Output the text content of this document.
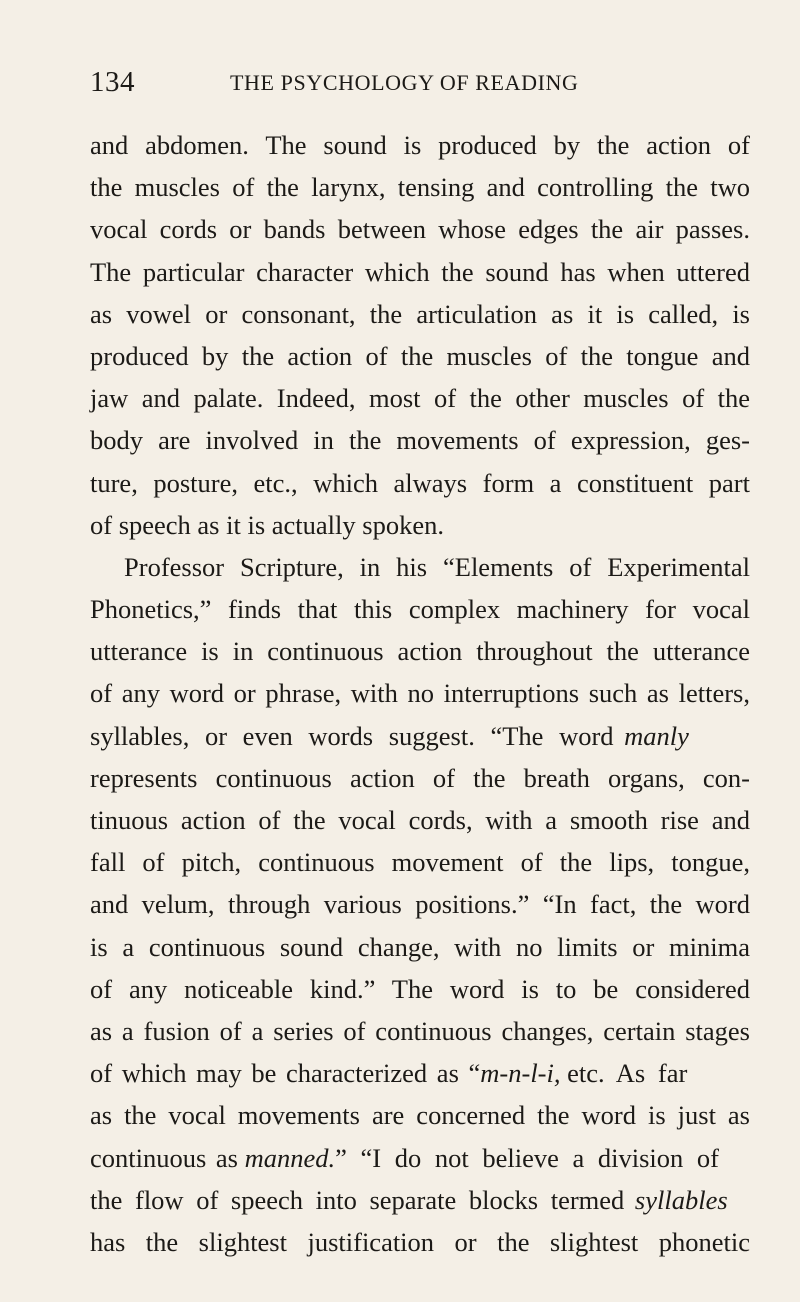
134	THE PSYCHOLOGY OF READING
and abdomen. The sound is produced by the action of
the muscles of the larynx, tensing and controlling the two
vocal cords or bands between whose edges the air passes.
The particular character which the sound has when uttered
as vowel or consonant, the articulation as it is called, is
produced by the action of the muscles of the tongue and
jaw and palate. Indeed, most of the other muscles of the
body are involved in the movements of expression, ges-
ture, posture, etc., which always form a constituent part
of speech as it is actually spoken.
Professor Scripture, in his “Elements of Experimental
Phonetics,” finds that this complex machinery for vocal
utterance is in continuous action throughout the utterance
of any word or phrase, with no interruptions such as letters,
syllables, or even words suggest. “The word
manly
represents continuous action of the breath organs, con-
tinuous action of the vocal cords, with a smooth rise and
fall of pitch, continuous movement of the lips, tongue,
and velum, through various positions.” “In fact, the word
is a continuous sound change, with no limits or minima
of any noticeable kind.” The word is to be considered
as a fusion of a series of continuous changes, certain stages
of which may be characterized as “ m-n-l-i,
etc. As far
as the vocal movements are concerned the word is just as
continuous as
manned. ” “I do not believe a division of
the flow of speech into separate blocks termed
syllables
has the slightest justification or the slightest phonetic
